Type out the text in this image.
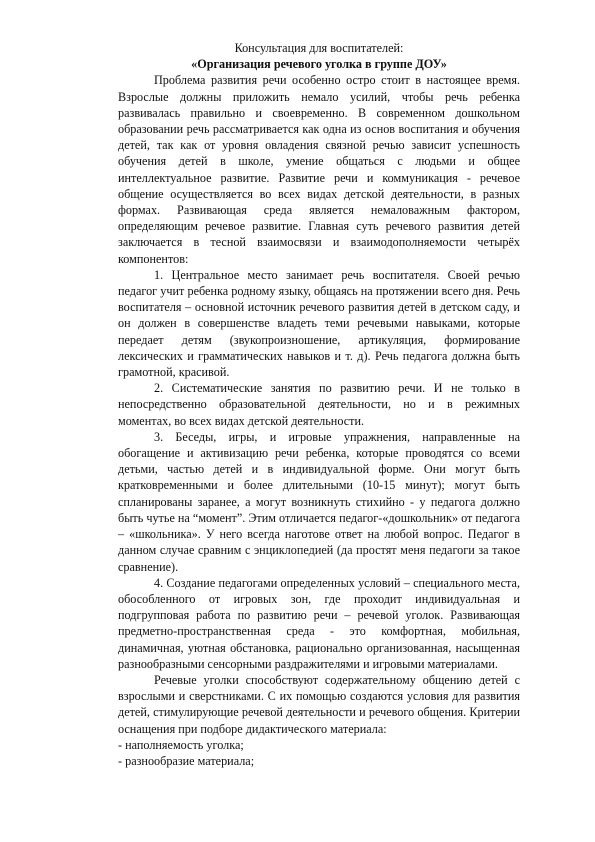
Консультация для воспитателей:

«Организация речевого уголка в группе ДОУ»

Проблема развития речи особенно остро стоит в настоящее время. Взрослые должны приложить немало усилий, чтобы речь ребенка развивалась правильно и своевременно. В современном дошкольном образовании речь рассматривается как одна из основ воспитания и обучения детей, так как от уровня овладения связной речью зависит успешность обучения детей в школе, умение общаться с людьми и общее интеллектуальное развитие. Развитие речи и коммуникация - речевое общение осуществляется во всех видах детской деятельности, в разных формах. Развивающая среда является немаловажным фактором, определяющим речевое развитие. Главная суть речевого развития детей заключается в тесной взаимосвязи и взаимодополняемости четырёх компонентов:

1. Центральное место занимает речь воспитателя. Своей речью педагог учит ребенка родному языку, общаясь на протяжении всего дня. Речь воспитателя – основной источник речевого развития детей в детском саду, и он должен в совершенстве владеть теми речевыми навыками, которые передает детям (звукопроизношение, артикуляция, формирование лексических и грамматических навыков и т. д). Речь педагога должна быть грамотной, красивой.

2. Систематические занятия по развитию речи. И не только в непосредственно образовательной деятельности, но и в режимных моментах, во всех видах детской деятельности.

3. Беседы, игры, и игровые упражнения, направленные на обогащение и активизацию речи ребенка, которые проводятся со всеми детьми, частью детей и в индивидуальной форме. Они могут быть кратковременными и более длительными (10-15 минут); могут быть спланированы заранее, а могут возникнуть стихийно - у педагога должно быть чутье на “момент”. Этим отличается педагог-«дошкольник» от педагога – «школьника». У него всегда наготове ответ на любой вопрос. Педагог в данном случае сравним с энциклопедией (да простят меня педагоги за такое сравнение).

4. Создание педагогами определенных условий – специального места, обособленного от игровых зон, где проходит индивидуальная и подгрупповая работа по развитию речи – речевой уголок. Развивающая предметно-пространственная среда - это комфортная, мобильная, динамичная, уютная обстановка, рационально организованная, насыщенная разнообразными сенсорными раздражителями и игровыми материалами.

Речевые уголки способствуют содержательному общению детей с взрослыми и сверстниками. С их помощью создаются условия для развития детей, стимулирующие речевой деятельности и речевого общения. Критерии оснащения при подборе дидактического материала:

- наполняемость уголка;

- разнообразие материала;
